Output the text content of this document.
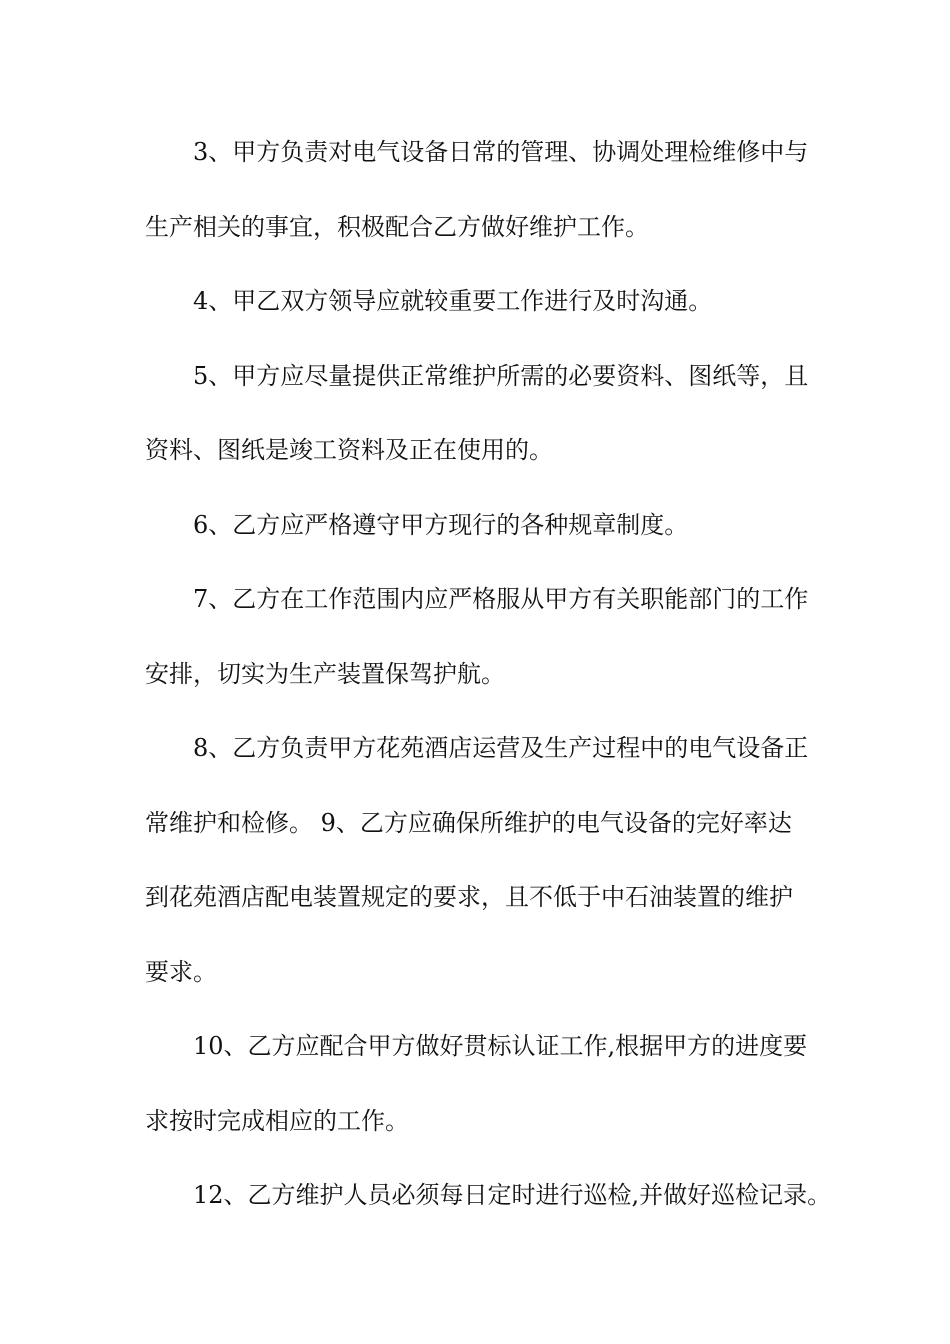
3、甲方负责对电气设备日常的管理、协调处理检维修中与
生产相关的事宜，积极配合乙方做好维护工作。
4、甲乙双方领导应就较重要工作进行及时沟通。
5、甲方应尽量提供正常维护所需的必要资料、图纸等，且
资料、图纸是竣工资料及正在使用的。
6、乙方应严格遵守甲方现行的各种规章制度。
7、乙方在工作范围内应严格服从甲方有关职能部门的工作
安排，切实为生产装置保驾护航。
8、乙方负责甲方花苑酒店运营及生产过程中的电气设备正
常维护和检修。 9、乙方应确保所维护的电气设备的完好率达
到花苑酒店配电装置规定的要求，且不低于中石油装置的维护
要求。
10、乙方应配合甲方做好贯标认证工作,根据甲方的进度要
求按时完成相应的工作。
12、乙方维护人员必须每日定时进行巡检,并做好巡检记录。
